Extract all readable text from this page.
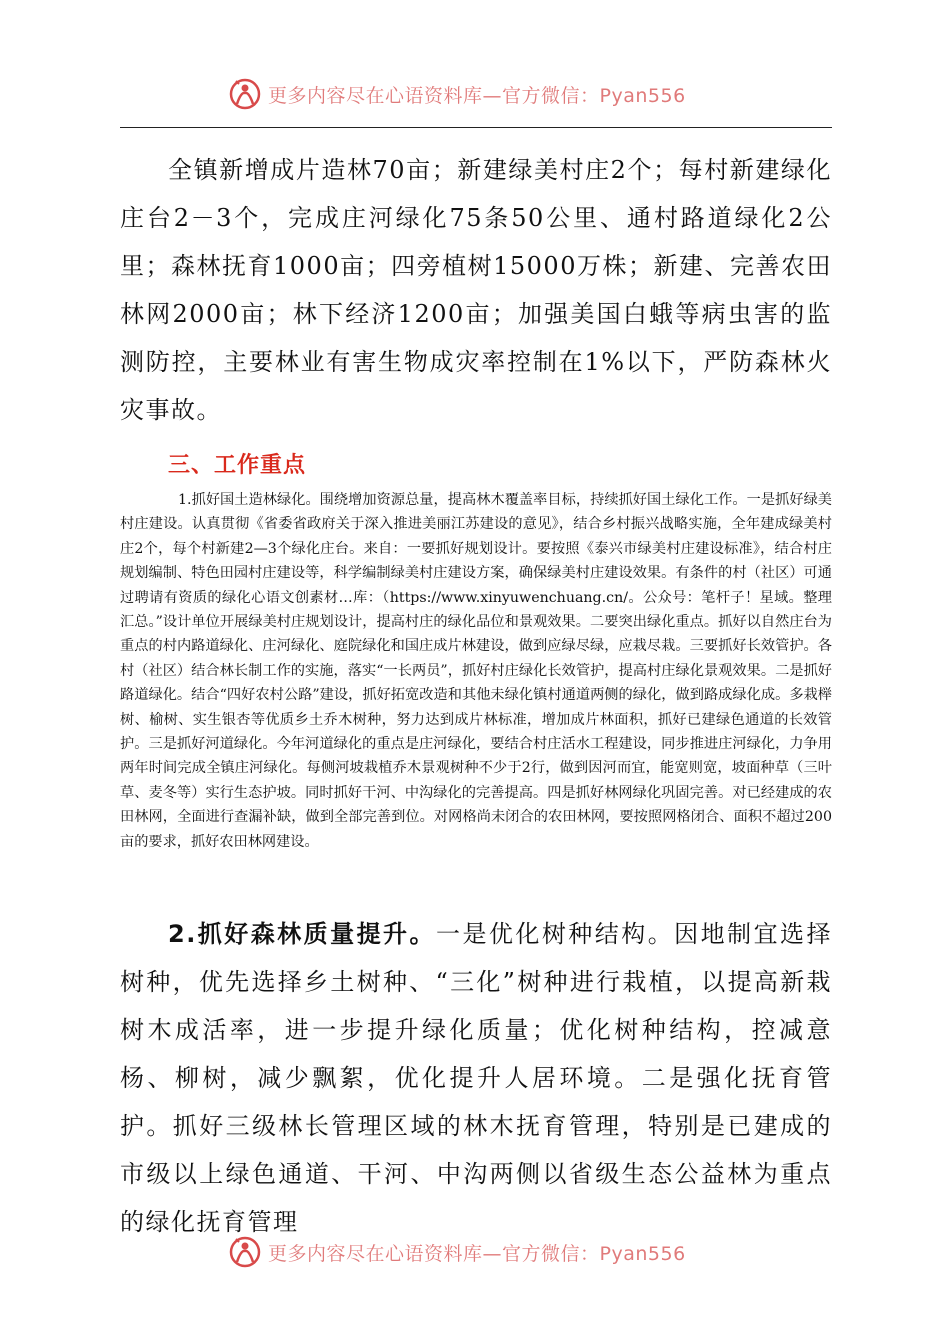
更多内容尽在心语资料库—官方微信：Pyan556
全镇新增成片造林70亩；新建绿美村庄2个；每村新建绿化庄台2－3个，完成庄河绿化75条50公里、通村路道绿化2公里；森林抚育1000亩；四旁植树15000万株；新建、完善农田林网2000亩；林下经济1200亩；加强美国白蛾等病虫害的监测防控，主要林业有害生物成灾率控制在1%以下，严防森林火灾事故。
三、工作重点
1.抓好国土造林绿化。围绕增加资源总量，提高林木覆盖率目标，持续抓好国土绿化工作。一是抓好绿美村庄建设。认真贯彻《省委省政府关于深入推进美丽江苏建设的意见》，结合乡村振兴战略实施，全年建成绿美村庄2个，每个村新建2—3个绿化庄台。来自：一要抓好规划设计。要按照《泰兴市绿美村庄建设标准》，结合村庄规划编制、特色田园村庄建设等，科学编制绿美村庄建设方案，确保绿美村庄建设效果。有条件的村（社区）可通过聘请有资质的绿化心语文创素材…库：（https://www.xinyuwenchuang.cn/。公众号：笔杆子！星域。整理汇总。”设计单位开展绿美村庄规划设计，提高村庄的绿化品位和景观效果。二要突出绿化重点。抓好以自然庄台为重点的村内路道绿化、庄河绿化、庭院绿化和国庄成片林建设，做到应绿尽绿，应栽尽栽。三要抓好长效管护。各村（社区）结合林长制工作的实施，落实“一长两员”，抓好村庄绿化长效管护，提高村庄绿化景观效果。二是抓好路道绿化。结合“四好农村公路”建设，抓好拓宽改造和其他未绿化镇村通道两侧的绿化，做到路成绿化成。多栽榉树、榆树、实生银杏等优质乡土乔木树种，努力达到成片林标准，增加成片林面积，抓好已建绿色通道的长效管护。三是抓好河道绿化。今年河道绿化的重点是庄河绿化，要结合村庄活水工程建设，同步推进庄河绿化，力争用两年时间完成全镇庄河绿化。每侧河坡栽植乔木景观树种不少于2行，做到因河而宜，能宽则宽，坡面种草（三叶草、麦冬等）实行生态护坡。同时抓好干河、中沟绿化的完善提高。四是抓好林网绿化巩固完善。对已经建成的农田林网，全面进行查漏补缺，做到全部完善到位。对网格尚未闭合的农田林网，要按照网格闭合、面积不超过200亩的要求，抓好农田林网建设。
2.抓好森林质量提升。一是优化树种结构。因地制宜选择树种，优先选择乡土树种、“三化”树种进行栽植，以提高新栽树木成活率，进一步提升绿化质量；优化树种结构，控减意杨、柳树，减少飘絮，优化提升人居环境。二是强化抚育管护。抓好三级林长管理区域的林木抚育管理，特别是已建成的市级以上绿色通道、干河、中沟两侧以省级生态公益林为重点的绿化抚育管理
更多内容尽在心语资料库—官方微信：Pyan556
